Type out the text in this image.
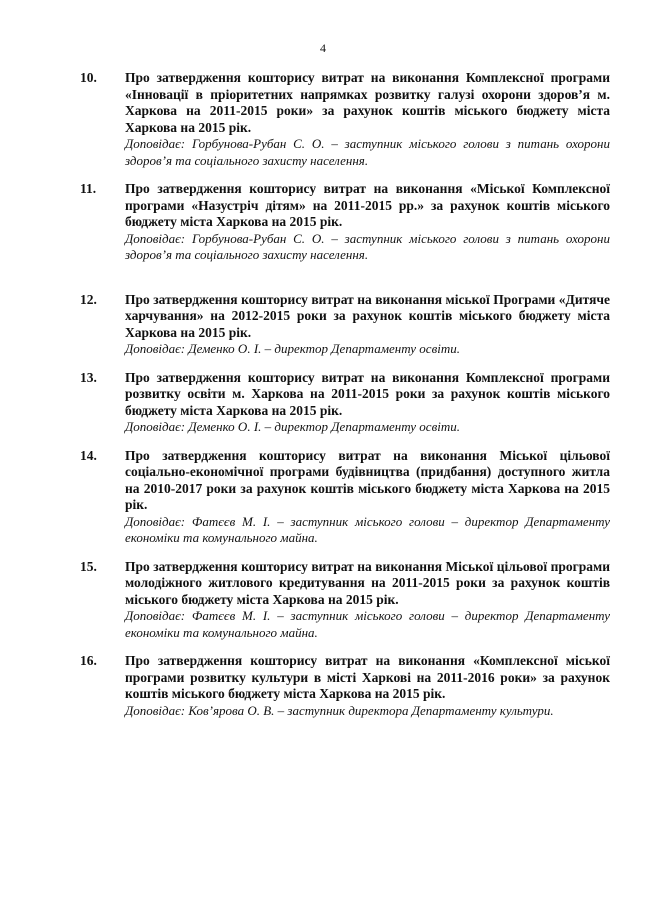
4
10. Про затвердження кошторису витрат на виконання Комплексної програми «Інновації в пріоритетних напрямках розвитку галузі охорони здоров’я м. Харкова на 2011-2015 роки» за рахунок коштів міського бюджету міста Харкова на 2015 рік.
Доповідає: Горбунова-Рубан С. О. – заступник міського голови з питань охорони здоров’я та соціального захисту населення.
11. Про затвердження кошторису витрат на виконання «Міської Комплексної програми «Назустріч дітям» на 2011-2015 рр.» за рахунок коштів міського бюджету міста Харкова на 2015 рік.
Доповідає: Горбунова-Рубан С. О. – заступник міського голови з питань охорони здоров’я та соціального захисту населення.
12. Про затвердження кошторису витрат на виконання міської Програми «Дитяче харчування» на 2012-2015 роки за рахунок коштів міського бюджету міста Харкова на 2015 рік.
Доповідає: Деменко О. І. – директор Департаменту освіти.
13. Про затвердження кошторису витрат на виконання Комплексної програми розвитку освіти м. Харкова на 2011-2015 роки за рахунок коштів міського бюджету міста Харкова на 2015 рік.
Доповідає: Деменко О. І. – директор Департаменту освіти.
14. Про затвердження кошторису витрат на виконання Міської цільової соціально-економічної програми будівництва (придбання) доступного житла на 2010-2017 роки за рахунок коштів міського бюджету міста Харкова на 2015 рік.
Доповідає: Фатєєв М. І. – заступник міського голови – директор Департаменту економіки та комунального майна.
15. Про затвердження кошторису витрат на виконання Міської цільової програми молодіжного житлового кредитування на 2011-2015 роки за рахунок коштів міського бюджету міста Харкова на 2015 рік.
Доповідає: Фатєєв М. І. – заступник міського голови – директор Департаменту економіки та комунального майна.
16. Про затвердження кошторису витрат на виконання «Комплексної міської програми розвитку культури в місті Харкові на 2011-2016 роки» за рахунок коштів міського бюджету міста Харкова на 2015 рік.
Доповідає: Ков’ярова О. В. – заступник директора Департаменту культури.
